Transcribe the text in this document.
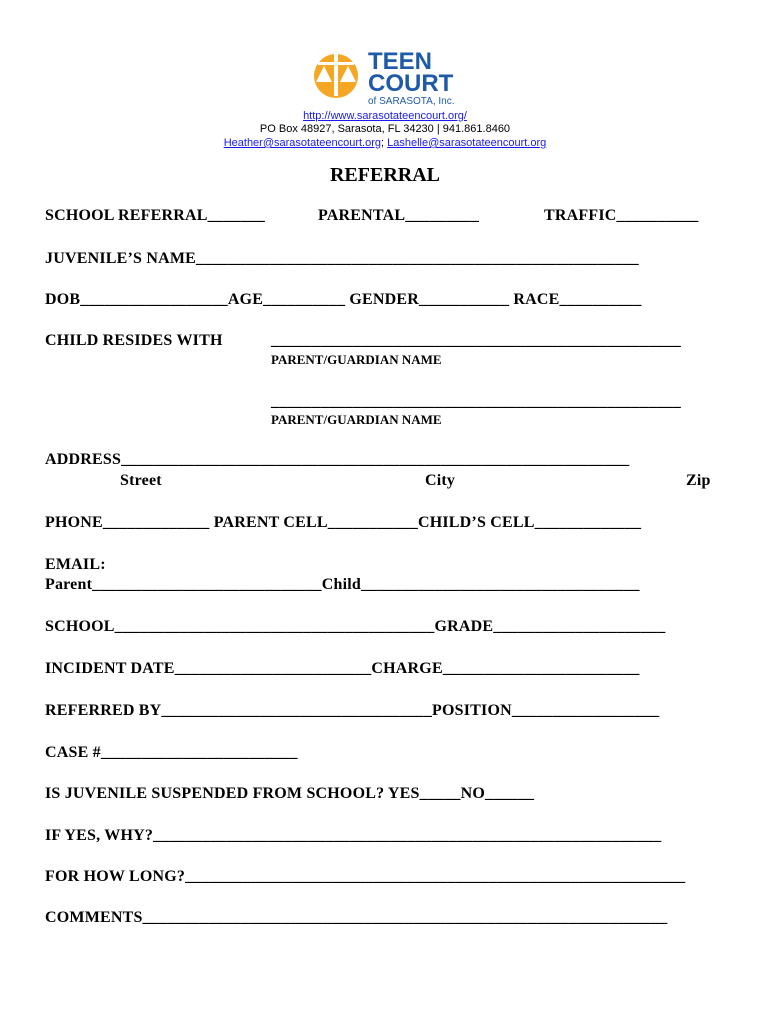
TEEN
COURT
of SARASOTA, Inc.
http://www.sarasotateencourt.org/
PO Box 48927, Sarasota, FL 34230 | 941.861.8460
Heather@sarasotateencourt.org; Lashelle@sarasotateencourt.org
REFERRAL
SCHOOL REFERRAL_______	PARENTAL_________	TRAFFIC__________
JUVENILE’S NAME______________________________________________________
DOB__________________AGE__________ GENDER___________ RACE__________
CHILD RESIDES WITH	__________________________________________________
PARENT/GUARDIAN NAME
__________________________________________________
PARENT/GUARDIAN NAME
ADDRESS______________________________________________________________
Street	City	Zip
PHONE_____________ PARENT CELL___________CHILD’S CELL_____________
EMAIL:
Parent____________________________Child__________________________________
SCHOOL_______________________________________GRADE_____________________
INCIDENT DATE________________________CHARGE________________________
REFERRED BY_________________________________POSITION__________________
CASE #________________________
IS JUVENILE SUSPENDED FROM SCHOOL? YES_____NO______
IF YES, WHY?______________________________________________________________
FOR HOW LONG?_____________________________________________________________
COMMENTS________________________________________________________________
